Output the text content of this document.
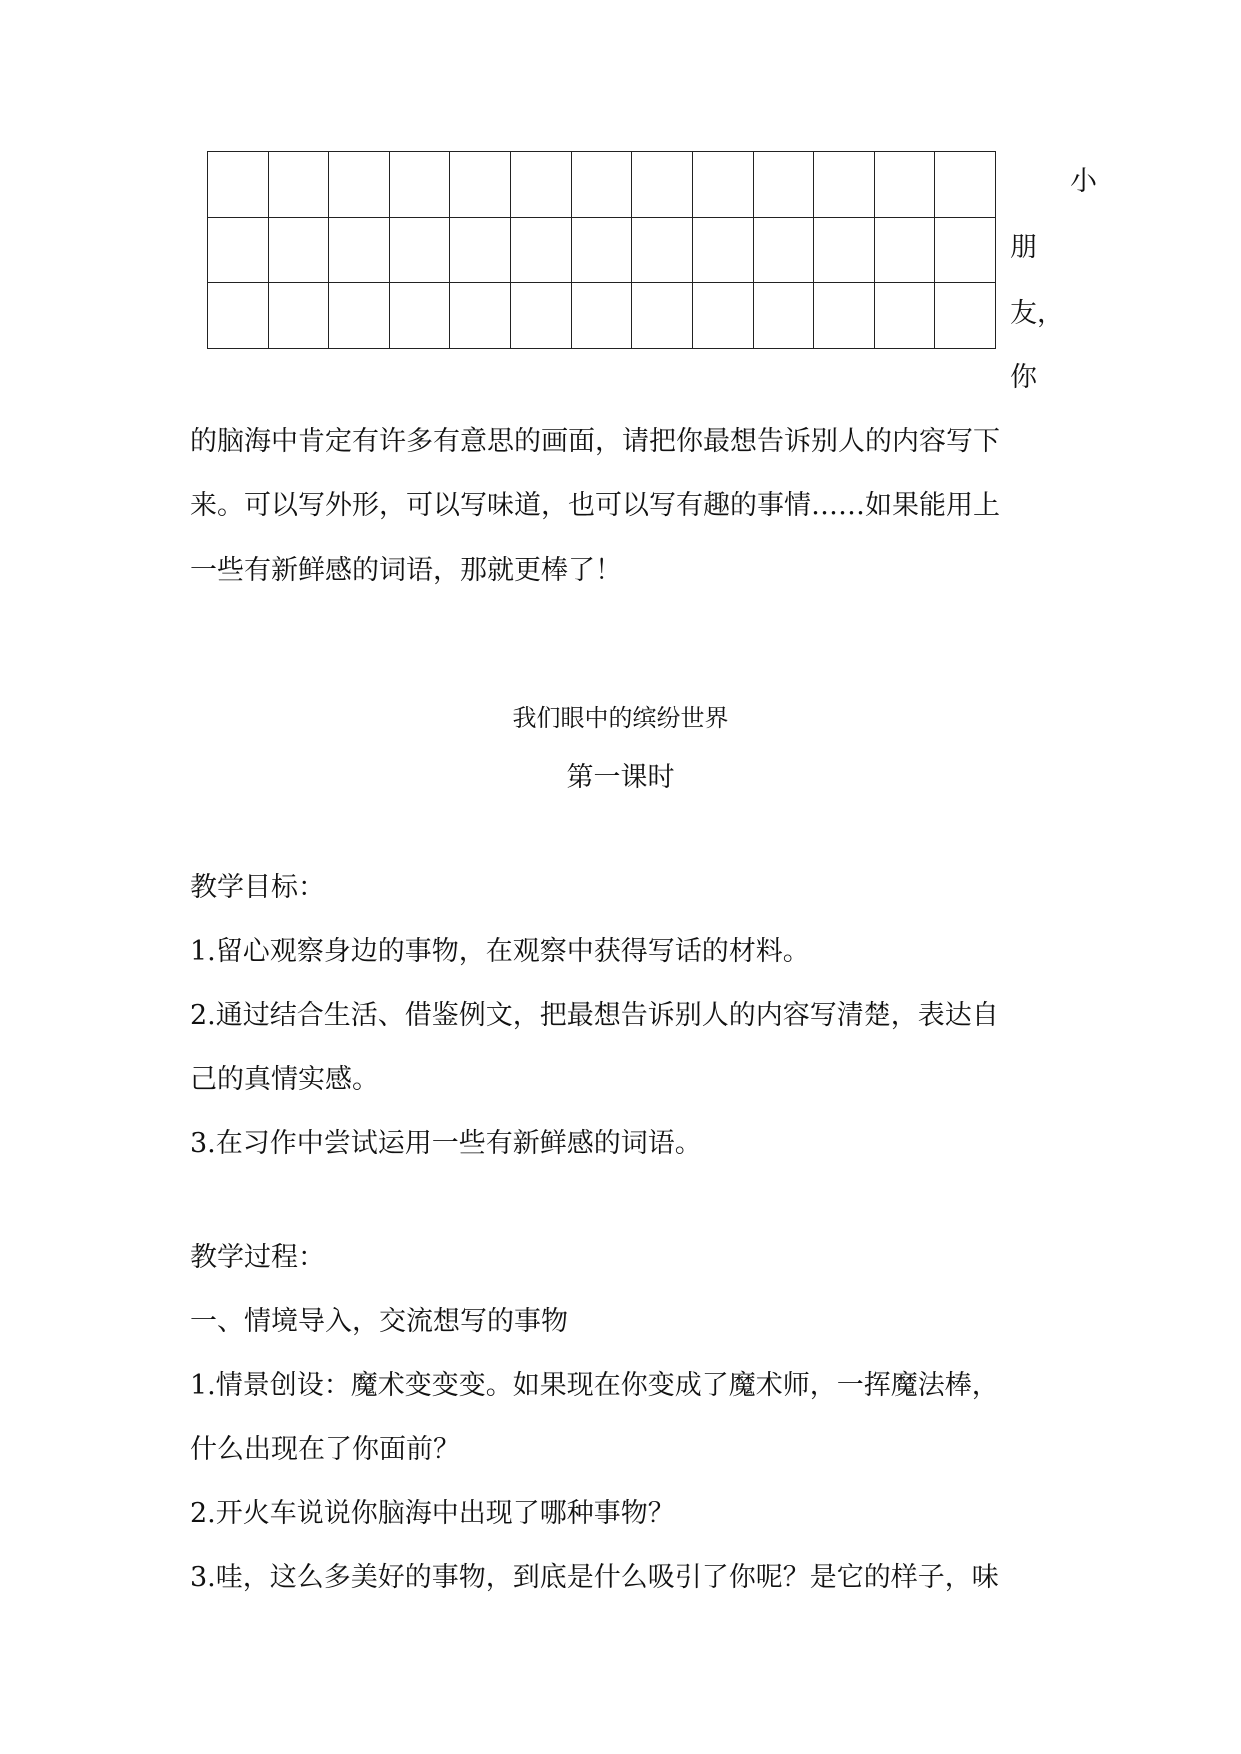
小
朋
友，
你

的脑海中肯定有许多有意思的画面，请把你最想告诉别人的内容写下

来。可以写外形，可以写味道，也可以写有趣的事情……如果能用上

一些有新鲜感的词语，那就更棒了！

我们眼中的缤纷世界

第一课时

教学目标：

1.留心观察身边的事物，在观察中获得写话的材料。

2.通过结合生活、借鉴例文，把最想告诉别人的内容写清楚，表达自

己的真情实感。

3.在习作中尝试运用一些有新鲜感的词语。

教学过程：

一、情境导入，交流想写的事物

1.情景创设：魔术变变变。如果现在你变成了魔术师，一挥魔法棒，

什么出现在了你面前？

2.开火车说说你脑海中出现了哪种事物？

3.哇，这么多美好的事物，到底是什么吸引了你呢？是它的样子，味
